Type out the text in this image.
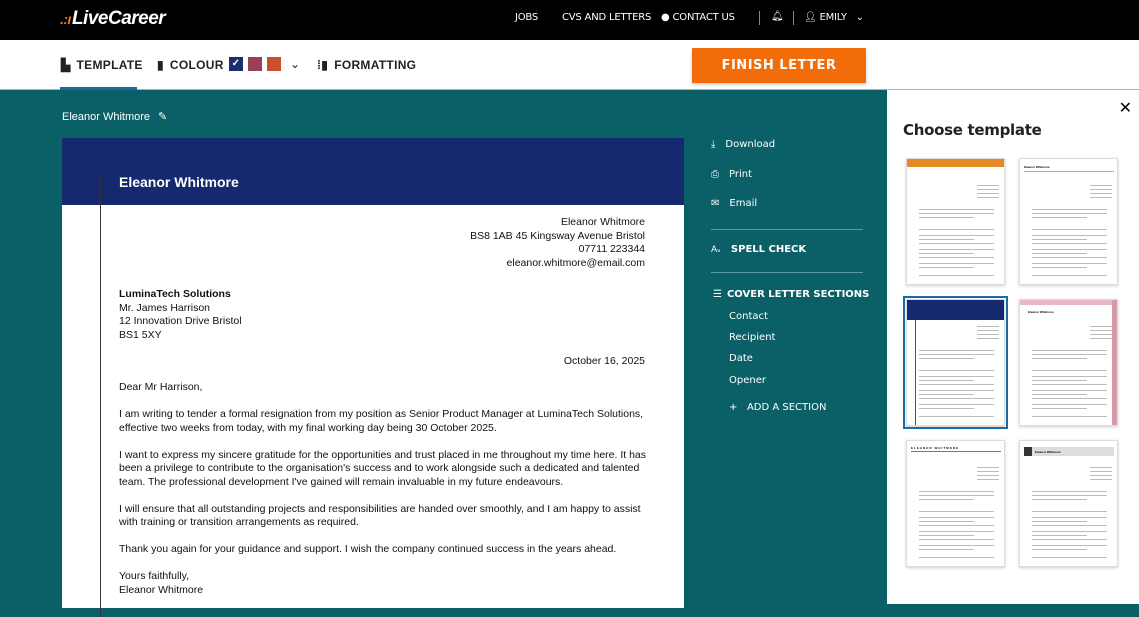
.:ıLiveCareer	JOBS CVS AND LETTERS ● CONTACT US	🔔︎ 👤︎ EMILY ⌄
▙ TEMPLATE ▮ COLOUR ✓	⌄ ⁞▮ FORMATTING	FINISH LETTER
Eleanor Whitmore ✎
Eleanor Whitmore
Eleanor Whitmore
BS8 1AB 45 Kingsway Avenue Bristol
07711 223344
eleanor.whitmore@email.com
LuminaTech Solutions
Mr. James Harrison
12 Innovation Drive Bristol
BS1 5XY
October 16, 2025

Dear Mr Harrison,

I am writing to tender a formal resignation from my position as Senior Product Manager at LuminaTech Solutions, effective two weeks from today, with my final working day being 30 October 2025.

I want to express my sincere gratitude for the opportunities and trust placed in me throughout my time here. It has been a privilege to contribute to the organisation's success and to work alongside such a dedicated and talented team. The professional development I've gained will remain invaluable in my future endeavours.

I will ensure that all outstanding projects and responsibilities are handed over smoothly, and I am happy to assist with training or transition arrangements as required.

Thank you again for your guidance and support. I wish the company continued success in the years ahead.

Yours faithfully,
Eleanor Whitmore
⤓ Download
⎙ Print
✉ Email
Aᵥ SPELL CHECK
☰ COVER LETTER SECTIONS
Contact
Recipient
Date
Opener
+ ADD A SECTION
Choose template
✕
Eleanor Whitmore
Eleanor Whitmore
ELEANOR WHITMORE
Eleanor Whitmore
